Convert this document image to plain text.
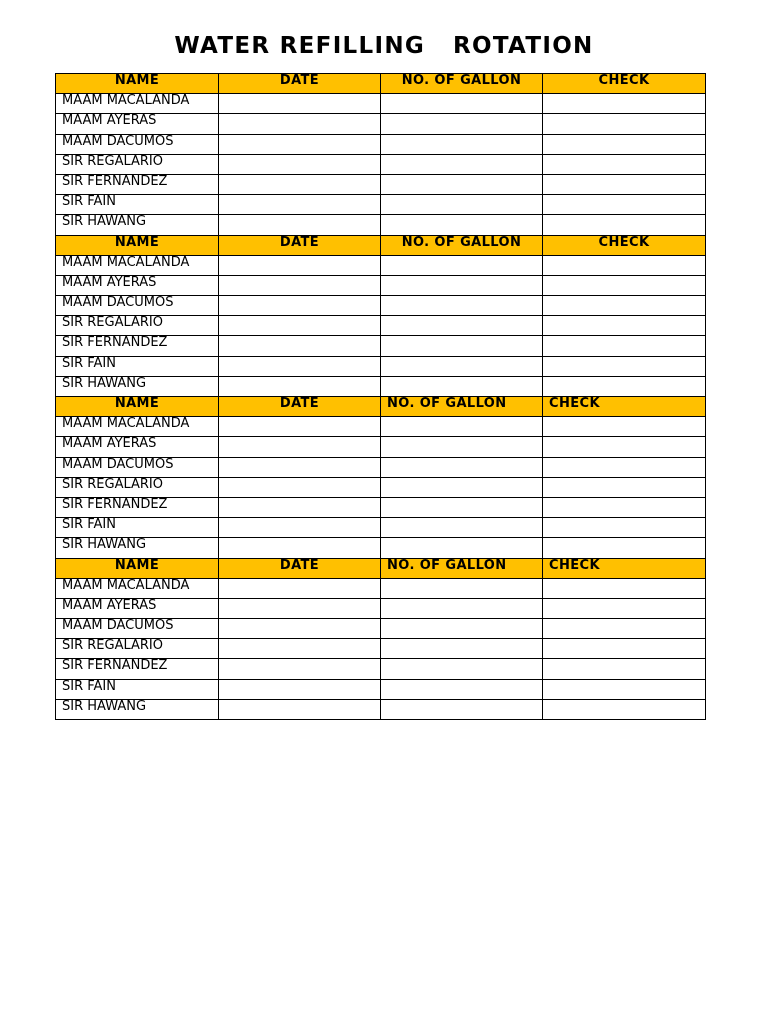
WATER REFILLING   ROTATION
NAME	DATE	NO. OF GALLON	CHECK
MAAM MACALANDA			
MAAM AYERAS			
MAAM DACUMOS			
SIR REGALARIO			
SIR FERNANDEZ			
SIR FAIN			
SIR HAWANG			
NAME	DATE	NO. OF GALLON	CHECK
MAAM MACALANDA			
MAAM AYERAS			
MAAM DACUMOS			
SIR REGALARIO			
SIR FERNANDEZ			
SIR FAIN			
SIR HAWANG			
NAME	DATE	NO. OF GALLON	CHECK
MAAM MACALANDA			
MAAM AYERAS			
MAAM DACUMOS			
SIR REGALARIO			
SIR FERNANDEZ			
SIR FAIN			
SIR HAWANG			
NAME	DATE	NO. OF GALLON	CHECK
MAAM MACALANDA			
MAAM AYERAS			
MAAM DACUMOS			
SIR REGALARIO			
SIR FERNANDEZ			
SIR FAIN			
SIR HAWANG			
